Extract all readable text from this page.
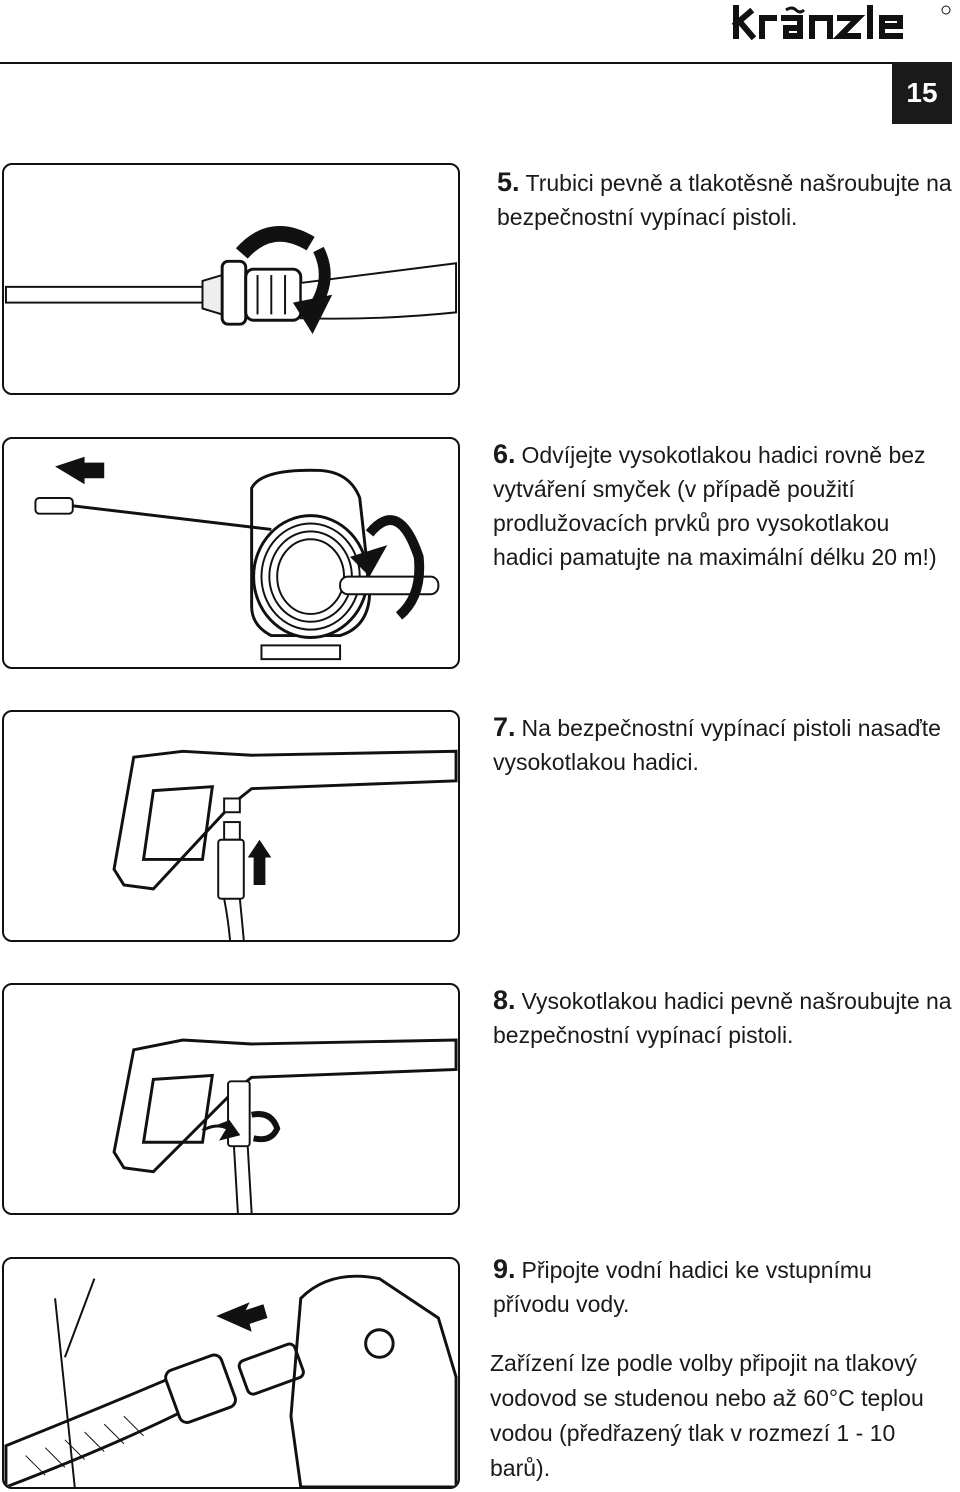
15
5. Trubici pevně a tlakotěsně našroubujte na bezpečnostní vypínací pistoli.
6. Odvíjejte vysokotlakou hadici rovně bez vytváření smyček (v případě použití prodlužovacích prvků pro vysokotlakou hadici pamatujte na maximální délku 20 m!)
7. Na bezpečnostní vypínací pistoli nasaďte vysokotlakou hadici.
8. Vysokotlakou hadici pevně našroubujte na bezpečnostní vypínací pistoli.
9. Připojte vodní hadici ke vstupnímu přívodu vody.
Zařízení lze podle volby připojit na tlakový vodovod se studenou nebo až 60°C teplou vodou (předřazený tlak v rozmezí 1 - 10 barů).
